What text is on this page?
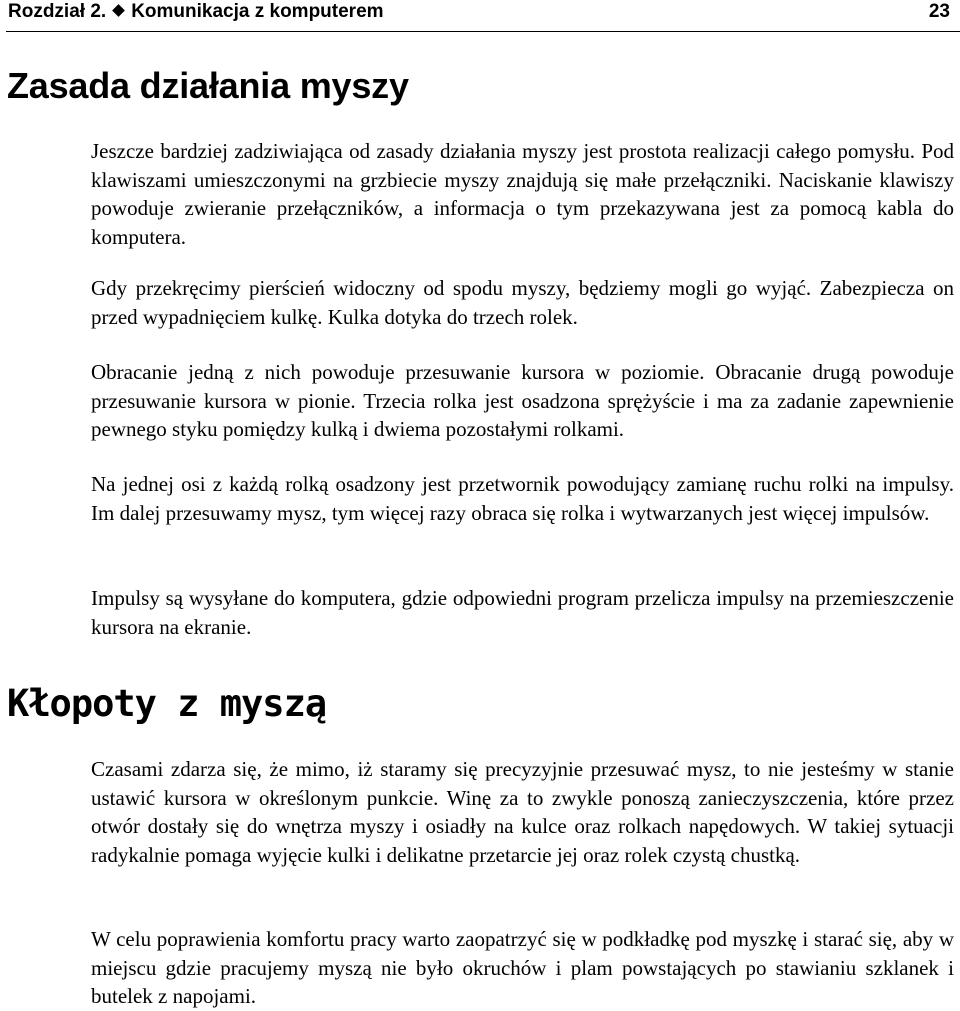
Rozdział 2. Komunikacja z komputerem	23
Zasada działania myszy

Jeszcze bardziej zadziwiająca od zasady działania myszy jest prostota realizacji całego pomysłu. Pod klawiszami umieszczonymi na grzbiecie myszy znajdują się małe przełączniki. Naciskanie klawiszy powoduje zwieranie przełączników, a informacja o tym przekazywana jest za pomocą kabla do komputera.

Gdy przekręcimy pierścień widoczny od spodu myszy, będziemy mogli go wyjąć. Zabezpiecza on przed wypadnięciem kulkę. Kulka dotyka do trzech rolek.

Obracanie jedną z nich powoduje przesuwanie kursora w poziomie. Obracanie drugą powoduje przesuwanie kursora w pionie. Trzecia rolka jest osadzona sprężyście i ma za zadanie zapewnienie pewnego styku pomiędzy kulką i dwiema pozostałymi rolkami.

Na jednej osi z każdą rolką osadzony jest przetwornik powodujący zamianę ruchu rolki na impulsy. Im dalej przesuwamy mysz, tym więcej razy obraca się rolka i wytwarzanych jest więcej impulsów.

Impulsy są wysyłane do komputera, gdzie odpowiedni program przelicza impulsy na przemieszczenie kursora na ekranie.

Kłopoty z myszą

Czasami zdarza się, że mimo, iż staramy się precyzyjnie przesuwać mysz, to nie jesteśmy w stanie ustawić kursora w określonym punkcie. Winę za to zwykle ponoszą zanieczyszczenia, które przez otwór dostały się do wnętrza myszy i osiadły na kulce oraz rolkach napędowych. W takiej sytuacji radykalnie pomaga wyjęcie kulki i delikatne przetarcie jej oraz rolek czystą chustką.

W celu poprawienia komfortu pracy warto zaopatrzyć się w podkładkę pod myszkę i starać się, aby w miejscu gdzie pracujemy myszą nie było okruchów i plam powstających po stawianiu szklanek i butelek z napojami.
